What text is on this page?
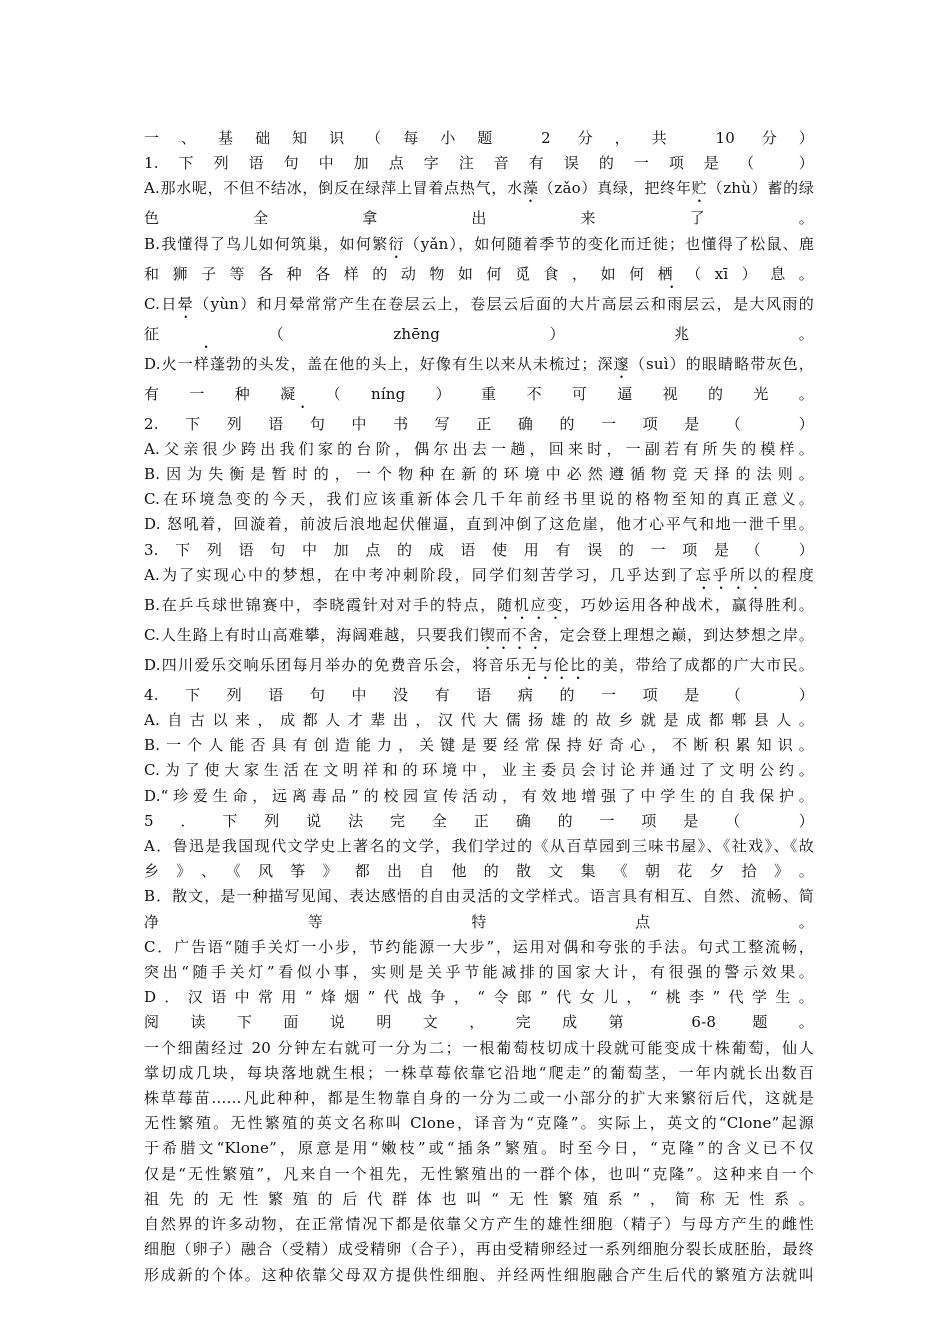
一、基础知识（每小题 2 分，共 10 分）
1.下列语句中加点字注音有误的一项是（ ）
A.那水呢，不但不结冰，倒反在绿萍上冒着点热气，水藻（zǎo）真绿，把终年贮（zhù）蓄的绿
色全拿出来了。
B.我懂得了鸟儿如何筑巢，如何繁衍（yǎn），如何随着季节的变化而迁徙；也懂得了松鼠、鹿
和狮子等各种各样的动物如何觅食，如何栖（xī）息。
C.日晕（yùn）和月晕常常产生在卷层云上，卷层云后面的大片高层云和雨层云，是大风雨的
征（zhēng）兆。
D.火一样蓬勃的头发，盖在他的头上，好像有生以来从未梳过；深邃（suì）的眼睛略带灰色，
有一种凝（níng）重不可逼视的光。
2.下列语句中书写正确的一项是（ ）
A.父亲很少跨出我们家的台阶，偶尔出去一趟，回来时，一副若有所失的模样。
B.因为失衡是暂时的，一个物种在新的环境中必然遵循物竞天择的法则。
C.在环境急变的今天，我们应该重新体会几千年前经书里说的格物至知的真正意义。
D. 怒吼着，回漩着，前波后浪地起伏催逼，直到冲倒了这危崖，他才心平气和地一泄千里。
3.下列语句中加点的成语使用有误的一项是（ ）
A.为了实现心中的梦想，在中考冲刺阶段，同学们刻苦学习，几乎达到了忘乎所以的程度
B.在乒乓球世锦赛中，李晓霞针对对手的特点，随机应变，巧妙运用各种战术，赢得胜利。
C.人生路上有时山高难攀，海阔难越，只要我们锲而不舍，定会登上理想之巅，到达梦想之岸。
D.四川爱乐交响乐团每月举办的免费音乐会，将音乐无与伦比的美，带给了成都的广大市民。
4.下列语句中没有语病的一项是（ ）
A.自古以来，成都人才辈出，汉代大儒扬雄的故乡就是成都郫县人。
B.一个人能否具有创造能力，关键是要经常保持好奇心，不断积累知识。
C.为了使大家生活在文明祥和的环境中，业主委员会讨论并通过了文明公约。
D.“珍爱生命，远离毒品”的校园宣传活动，有效地增强了中学生的自我保护。
5．下列说法完全正确的一项是（ ）
A．鲁迅是我国现代文学史上著名的文学，我们学过的《从百草园到三味书屋》、《社戏》、《故
乡》、《风筝》都出自他的散文集《朝花夕拾》。
B．散文，是一种描写见闻、表达感悟的自由灵活的文学样式。语言具有相互、自然、流畅、简
净等特点。
C．广告语“随手关灯一小步，节约能源一大步”，运用对偶和夸张的手法。句式工整流畅，
突出“随手关灯”看似小事，实则是关乎节能减排的国家大计，有很强的警示效果。
D．汉语中常用“烽烟”代战争，“令郎”代女儿，“桃李”代学生。
阅读下面说明文，完成第 6-8 题。
一个细菌经过 20 分钟左右就可一分为二；一根葡萄枝切成十段就可能变成十株葡萄，仙人
掌切成几块，每块落地就生根；一株草莓依靠它沿地“爬走”的葡萄茎，一年内就长出数百
株草莓苗……凡此种种，都是生物靠自身的一分为二或一小部分的扩大来繁衍后代，这就是
无性繁殖。无性繁殖的英文名称叫 Clone，译音为“克隆”。实际上，英文的“Clone”起源
于希腊文“Klone”，原意是用“嫩枝”或“插条”繁殖。时至今日，“克隆”的含义已不仅
仅是“无性繁殖”，凡来自一个祖先，无性繁殖出的一群个体，也叫“克隆”。这种来自一个
祖先的无性繁殖的后代群体也叫“无性繁殖系”，简称无性系。
自然界的许多动物，在正常情况下都是依靠父方产生的雄性细胞（精子）与母方产生的雌性
细胞（卵子）融合（受精）成受精卵（合子），再由受精卵经过一系列细胞分裂长成胚胎，最终
形成新的个体。这种依靠父母双方提供性细胞、并经两性细胞融合产生后代的繁殖方法就叫
